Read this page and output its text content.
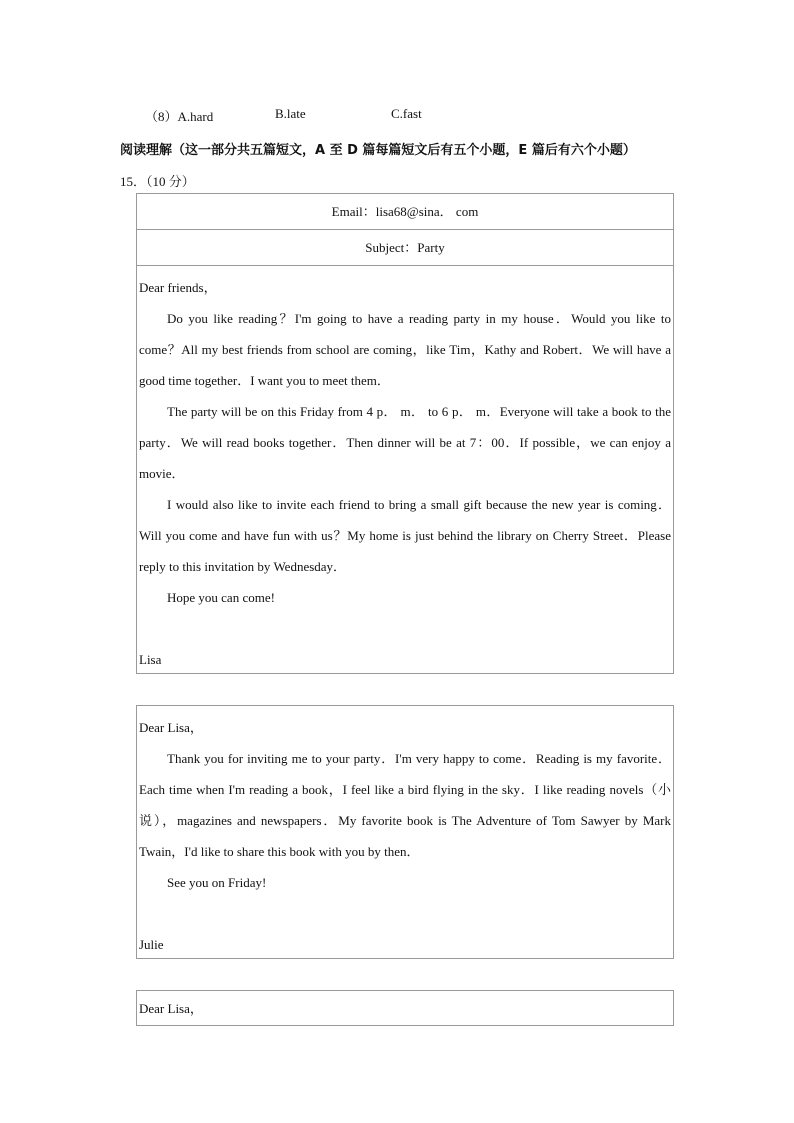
（8）A.hard	B.late	C.fast
阅读理解（这一部分共五篇短文，A 至 D 篇每篇短文后有五个小题，E 篇后有六个小题）
15．（10 分）
Email：lisa68@sina． com
Subject：Party
Dear friends，

Do you like reading？I'm going to have a reading party in my house．Would you like to come？All my best friends from school are coming，like Tim，Kathy and Robert．We will have a good time together．I want you to meet them．

The party will be on this Friday from 4 p． m． to 6 p． m．Everyone will take a book to the party．We will read books together．Then dinner will be at 7：00．If possible，we can enjoy a movie．

I would also like to invite each friend to bring a small gift because the new year is coming．Will you come and have fun with us？My home is just behind the library on Cherry Street．Please reply to this invitation by Wednesday．

Hope you can come!

Lisa
Dear Lisa，

Thank you for inviting me to your party．I'm very happy to come．Reading is my favorite．Each time when I'm reading a book，I feel like a bird flying in the sky．I like reading novels（小说），magazines and newspapers．My favorite book is The Adventure of Tom Sawyer by Mark Twain，I'd like to share this book with you by then．

See you on Friday!

Julie
Dear Lisa，
